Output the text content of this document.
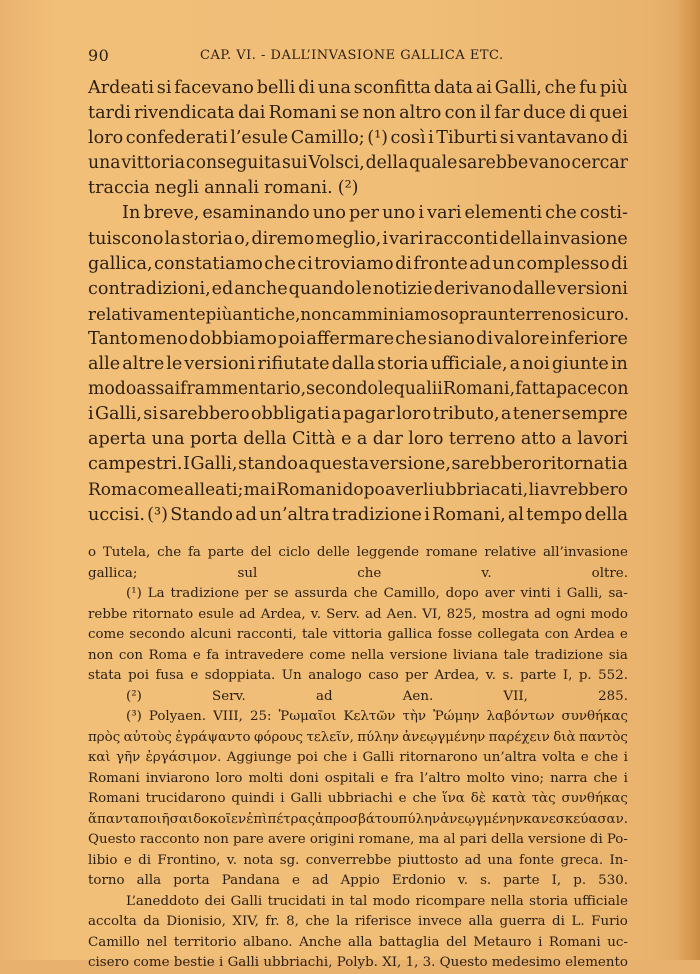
90	CAP. VI. - DALL’INVASIONE GALLICA ETC.
Ardeati si facevano belli di una sconfitta data ai Galli, che fu più
tardi rivendicata dai Romani se non altro con il far duce di quei
loro confederati l’esule Camillo; (¹) così i Tiburti si vantavano di
una vittoria conseguita sui Volsci, della quale sarebbe vano cercar
traccia negli annali romani. (²)
In breve, esaminando uno per uno i vari elementi che costi-
tuiscono la storia o, diremo meglio, i vari racconti della invasione
gallica, constatiamo che ci troviamo di fronte ad un complesso di
contradizioni, ed anche quando le notizie derivano dalle versioni
relativamente più antiche, non camminiamo sopra un terreno sicuro.
Tanto meno dobbiamo poi affermare che siano di valore inferiore
alle altre le versioni rifiutate dalla storia ufficiale, a noi giunte in
modo assai frammentario, secondo le quali i Romani, fatta pace con
i Galli, si sarebbero obbligati a pagar loro tributo, a tener sempre
aperta una porta della Città e a dar loro terreno atto a lavori
campestri. I Galli, stando a questa versione, sarebbero ritornati a
Roma come alleati; ma i Romani dopo averli ubbriacati, li avrebbero
uccisi. (³) Stando ad un’altra tradizione i Romani, al tempo della
o Tutela, che fa parte del ciclo delle leggende romane relative all’invasione
gallica;	sul	che	v.	oltre.
(¹) La tradizione per se assurda che Camillo, dopo aver vinti i Galli, sa-
rebbe ritornato esule ad Ardea, v. Serv. ad Aen. VI, 825, mostra ad ogni modo
come secondo alcuni racconti, tale vittoria gallica fosse collegata con Ardea e
non con Roma e fa intravedere come nella versione liviana tale tradizione sia
stata poi fusa e sdoppiata. Un analogo caso per Ardea, v. s. parte I, p. 552.
(²)	Serv.	ad	Aen.	VII,	285.
(³) Polyaen. VIII, 25: Ῥωμαῖοι Κελτῶν τὴν Ῥώμην λαβόντων συνθήκας
πρὸς αὐτοὺς ἐγράψαντο φόρους τελεῖν, πύλην ἀνεῳγμένην παρέχειν διὰ παντὸς
καὶ γῆν ἐργάσιμον. Aggiunge poi che i Galli ritornarono un’altra volta e che i
Romani inviarono loro molti doni ospitali e fra l’altro molto vino; narra che i
Romani trucidarono quindi i Galli ubbriachi e che ἵνα δὲ κατὰ τὰς συνθήκας
ἅπαντα ποιῆσαι δοκοῖεν ἐπὶ πέτρας ἀπροσβάτου πύλην ἀνεῳγμένην κανεσκεύασαν.
Questo racconto non pare avere origini romane, ma al pari della versione di Po-
libio e di Frontino, v. nota sg. converrebbe piuttosto ad una fonte greca. In-
torno alla porta Pandana e ad Appio Erdonio v. s. parte I, p. 530.
L’aneddoto dei Galli trucidati in tal modo ricompare nella storia ufficiale
accolta da Dionisio, XIV, fr. 8, che la riferisce invece alla guerra di L. Furio
Camillo nel territorio albano. Anche alla battaglia del Metauro i Romani uc-
cisero come bestie i Galli ubbriachi, Polyb. XI, 1, 3. Questo medesimo elemento
